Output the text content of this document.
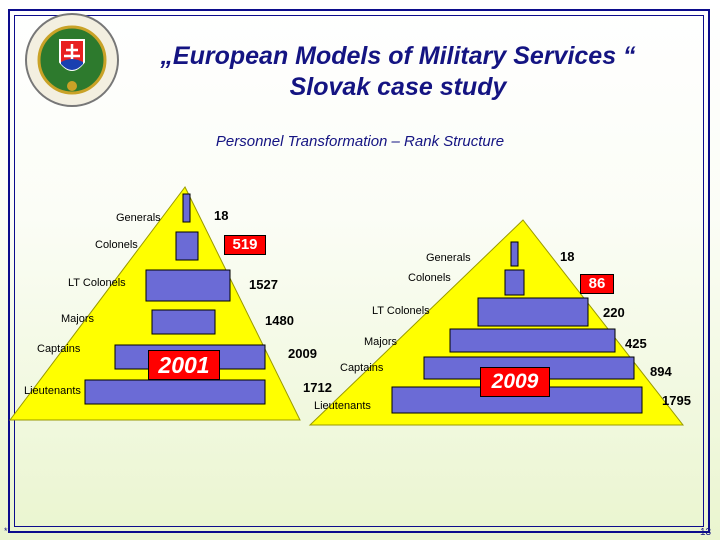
„European Models of Military Services “
Slovak case study
Personnel Transformation – Rank Structure
Generals
Colonels
LT Colonels
Majors
Captains
Lieutenants
18
519
1527
1480
2009
1712
2001
Generals
Colonels
LT Colonels
Majors
Captains
Lieutenants
18
86
220
425
894
1795
2009
13
*
